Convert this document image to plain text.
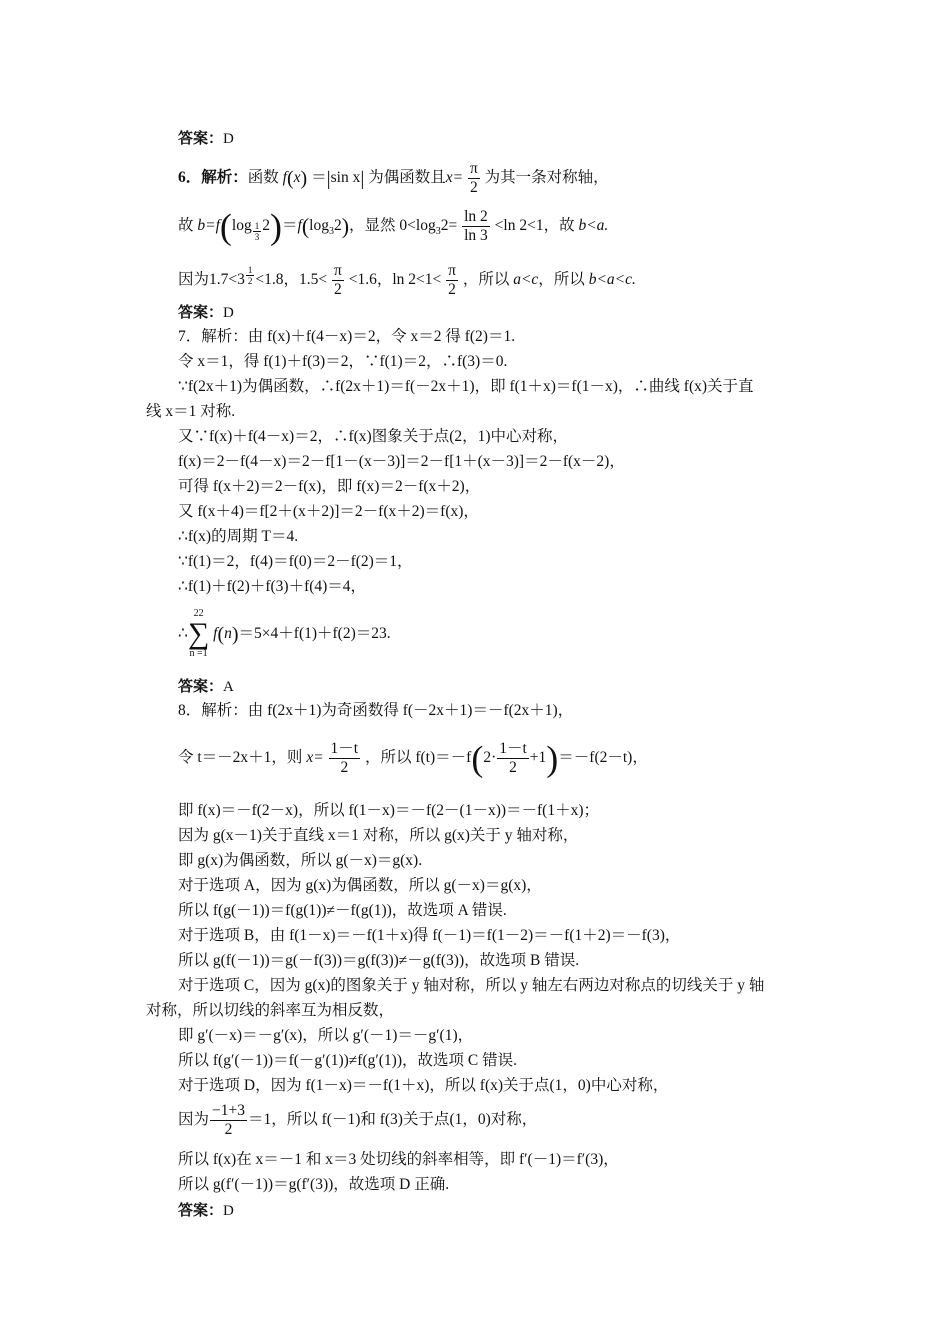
答案：D
6．解析：函数 f(x) ＝|sin x| 为偶函数且$x= \frac{\pi}{2}$ 为其一条对称轴，
故 b=f(log $_{\frac{1}{3}}$ $2)=f(\log_32)$，显然 $0<\log_32= \frac{\ln 2}{\ln 3} <\ln$ 2<1，故 b<a.
因为1.7<3 $^{\frac{1}{2}}$ <1.8，$1.5< \frac{\pi}{2} <1.6$，$\ln 2<1< \frac{\pi}{2}$ ，所以 a<c，所以 b<a<c.
答案：D
7．解析：由 f(x)＋f(4－x)＝2，令 x＝2 得 f(2)＝1.
令 x＝1，得 f(1)＋f(3)＝2，∵f(1)＝2，∴f(3)＝0.
∵f(2x＋1)为偶函数，∴f(2x＋1)＝f(－2x＋1)，即 f(1＋x)＝f(1－x)，∴曲线 f(x)关于直
线 x＝1 对称.
又∵f(x)＋f(4－x)＝2，∴f(x)图象关于点(2，1)中心对称，
f(x)＝2－f(4－x)＝2－f[1－(x－3)]＝2－f[1＋(x－3)]＝2－f(x－2)，
可得 f(x＋2)＝2－f(x)，即 f(x)＝2－f(x＋2)，
又 f(x＋4)＝f[2＋(x＋2)]＝2－f(x＋2)＝f(x)，
∴f(x)的周期 T＝4.
∵f(1)＝2，f(4)＝f(0)＝2－f(2)＝1，
∴f(1)＋f(2)＋f(3)＋f(4)＝4，
∴
22
∑
n =1
f(n)＝5×4＋f(1)＋f(2)＝23.
答案：A
8．解析：由 f(2x＋1)为奇函数得 f(－2x＋1)＝－f(2x＋1)，
令 t＝－2x＋1，则 $x= \frac{1-t}{2}$ ，所以 $f(t)=-f(2\cdot \frac{1-t}{2} +1)=-f(2-t)$，
即 f(x)＝－f(2－x)，所以 f(1－x)＝－f(2－(1－x))＝－f(1＋x)；
因为 g(x－1)关于直线 x＝1 对称，所以 g(x)关于 y 轴对称，
即 g(x)为偶函数，所以 g(－x)＝g(x).
对于选项 A，因为 g(x)为偶函数，所以 g(－x)＝g(x)，
所以 f(g(－1))＝f(g(1))≠－f(g(1))，故选项 A 错误.
对于选项 B，由 f(1－x)＝－f(1＋x)得 f(－1)＝f(1－2)＝－f(1＋2)＝－f(3)，
所以 g(f(－1))＝g(－f(3))＝g(f(3))≠－g(f(3))，故选项 B 错误.
对于选项 C，因为 g(x)的图象关于 y 轴对称，所以 y 轴左右两边对称点的切线关于 y 轴
对称，所以切线的斜率互为相反数，
即 g′(－x)＝－g′(x)，所以 g′(－1)＝－g′(1)，
所以 f(g′(－1))＝f(－g′(1))≠f(g′(1))，故选项 C 错误.
对于选项 D，因为 f(1－x)＝－f(1＋x)，所以 f(x)关于点(1，0)中心对称，
因为 $\frac{-1+3}{2} =1$，所以 f(－1)和 f(3)关于点(1，0)对称，
所以 f(x)在 x＝－1 和 x＝3 处切线的斜率相等，即 f′(－1)＝f′(3)，
所以 g(f′(－1))＝g(f′(3))，故选项 D 正确.
答案：D
